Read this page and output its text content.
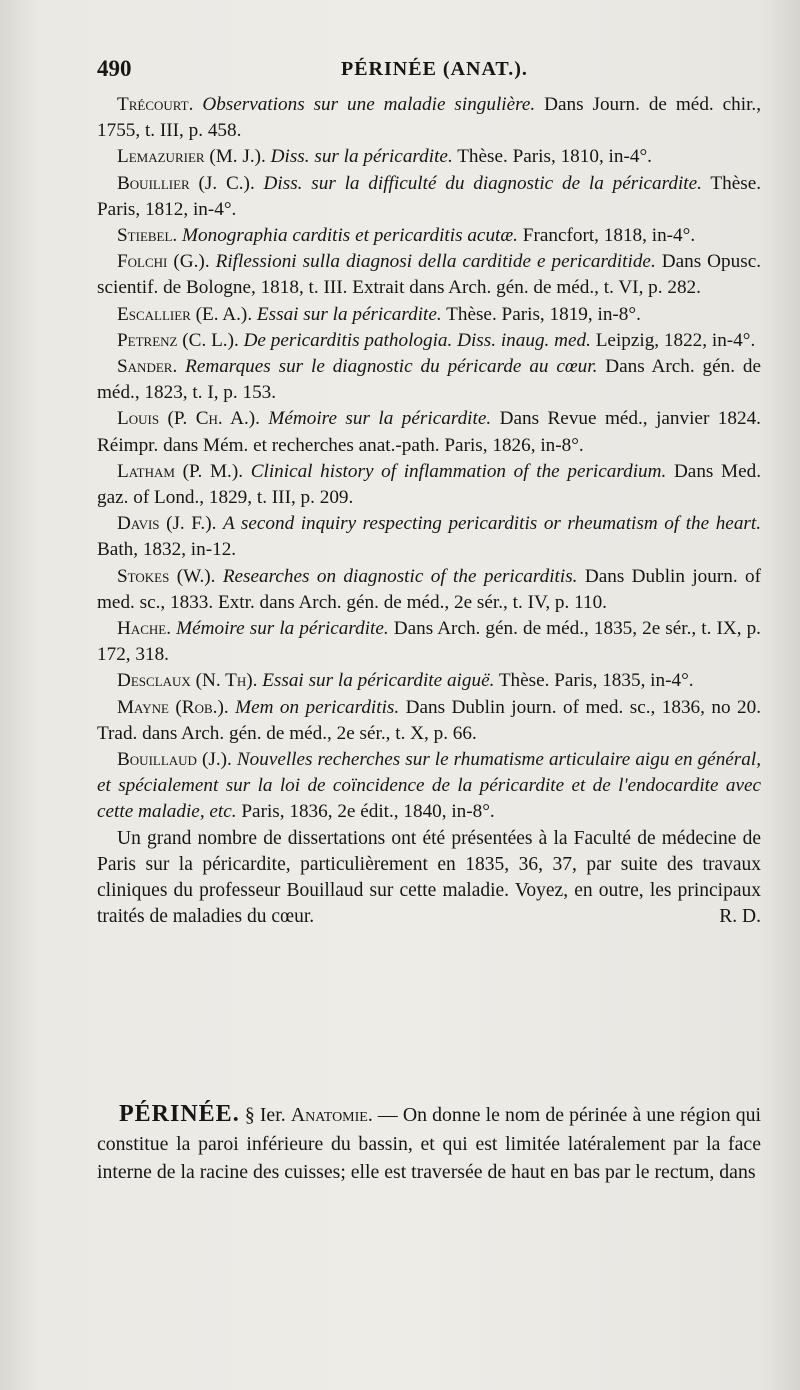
490	PÉRINÉE (ANAT.).

Trécourt. Observations sur une maladie singulière. Dans Journ. de méd. chir., 1755, t. III, p. 458.

Lemazurier (M. J.). Diss. sur la péricardite. Thèse. Paris, 1810, in-4°.

Bouillier (J. C.). Diss. sur la difficulté du diagnostic de la péricardite. Thèse. Paris, 1812, in-4°.

Stiebel. Monographia carditis et pericarditis acutæ. Francfort, 1818, in-4°.

Folchi (G.). Riflessioni sulla diagnosi della carditide e pericarditide. Dans Opusc. scientif. de Bologne, 1818, t. III. Extrait dans Arch. gén. de méd., t. VI, p. 282.

Escallier (E. A.). Essai sur la péricardite. Thèse. Paris, 1819, in-8°.

Petrenz (C. L.). De pericarditis pathologia. Diss. inaug. med. Leipzig, 1822, in-4°.

Sander. Remarques sur le diagnostic du péricarde au cœur. Dans Arch. gén. de méd., 1823, t. I, p. 153.

Louis (P. Ch. A.). Mémoire sur la péricardite. Dans Revue méd., janvier 1824. Réimpr. dans Mém. et recherches anat.-path. Paris, 1826, in-8°.

Latham (P. M.). Clinical history of inflammation of the pericardium. Dans Med. gaz. of Lond., 1829, t. III, p. 209.

Davis (J. F.). A second inquiry respecting pericarditis or rheumatism of the heart. Bath, 1832, in-12.

Stokes (W.). Researches on diagnostic of the pericarditis. Dans Dublin journ. of med. sc., 1833. Extr. dans Arch. gén. de méd., 2e sér., t. IV, p. 110.

Hache. Mémoire sur la péricardite. Dans Arch. gén. de méd., 1835, 2e sér., t. IX, p. 172, 318.

Desclaux (N. Th). Essai sur la péricardite aiguë. Thèse. Paris, 1835, in-4°.

Mayne (Rob.). Mem on pericarditis. Dans Dublin journ. of med. sc., 1836, no 20. Trad. dans Arch. gén. de méd., 2e sér., t. X, p. 66.

Bouillaud (J.). Nouvelles recherches sur le rhumatisme articulaire aigu en général, et spécialement sur la loi de coïncidence de la péricardite et de l'endocardite avec cette maladie, etc. Paris, 1836, 2e édit., 1840, in-8°.

Un grand nombre de dissertations ont été présentées à la Faculté de médecine de Paris sur la péricardite, particulièrement en 1835, 36, 37, par suite des travaux cliniques du professeur Bouillaud sur cette maladie. Voyez, en outre, les principaux traités de maladies du cœur.	R. D.

PÉRINÉE. § Ier. Anatomie. — On donne le nom de périnée à une région qui constitue la paroi inférieure du bassin, et qui est limitée latéralement par la face interne de la racine des cuisses; elle est traversée de haut en bas par le rectum, dans
